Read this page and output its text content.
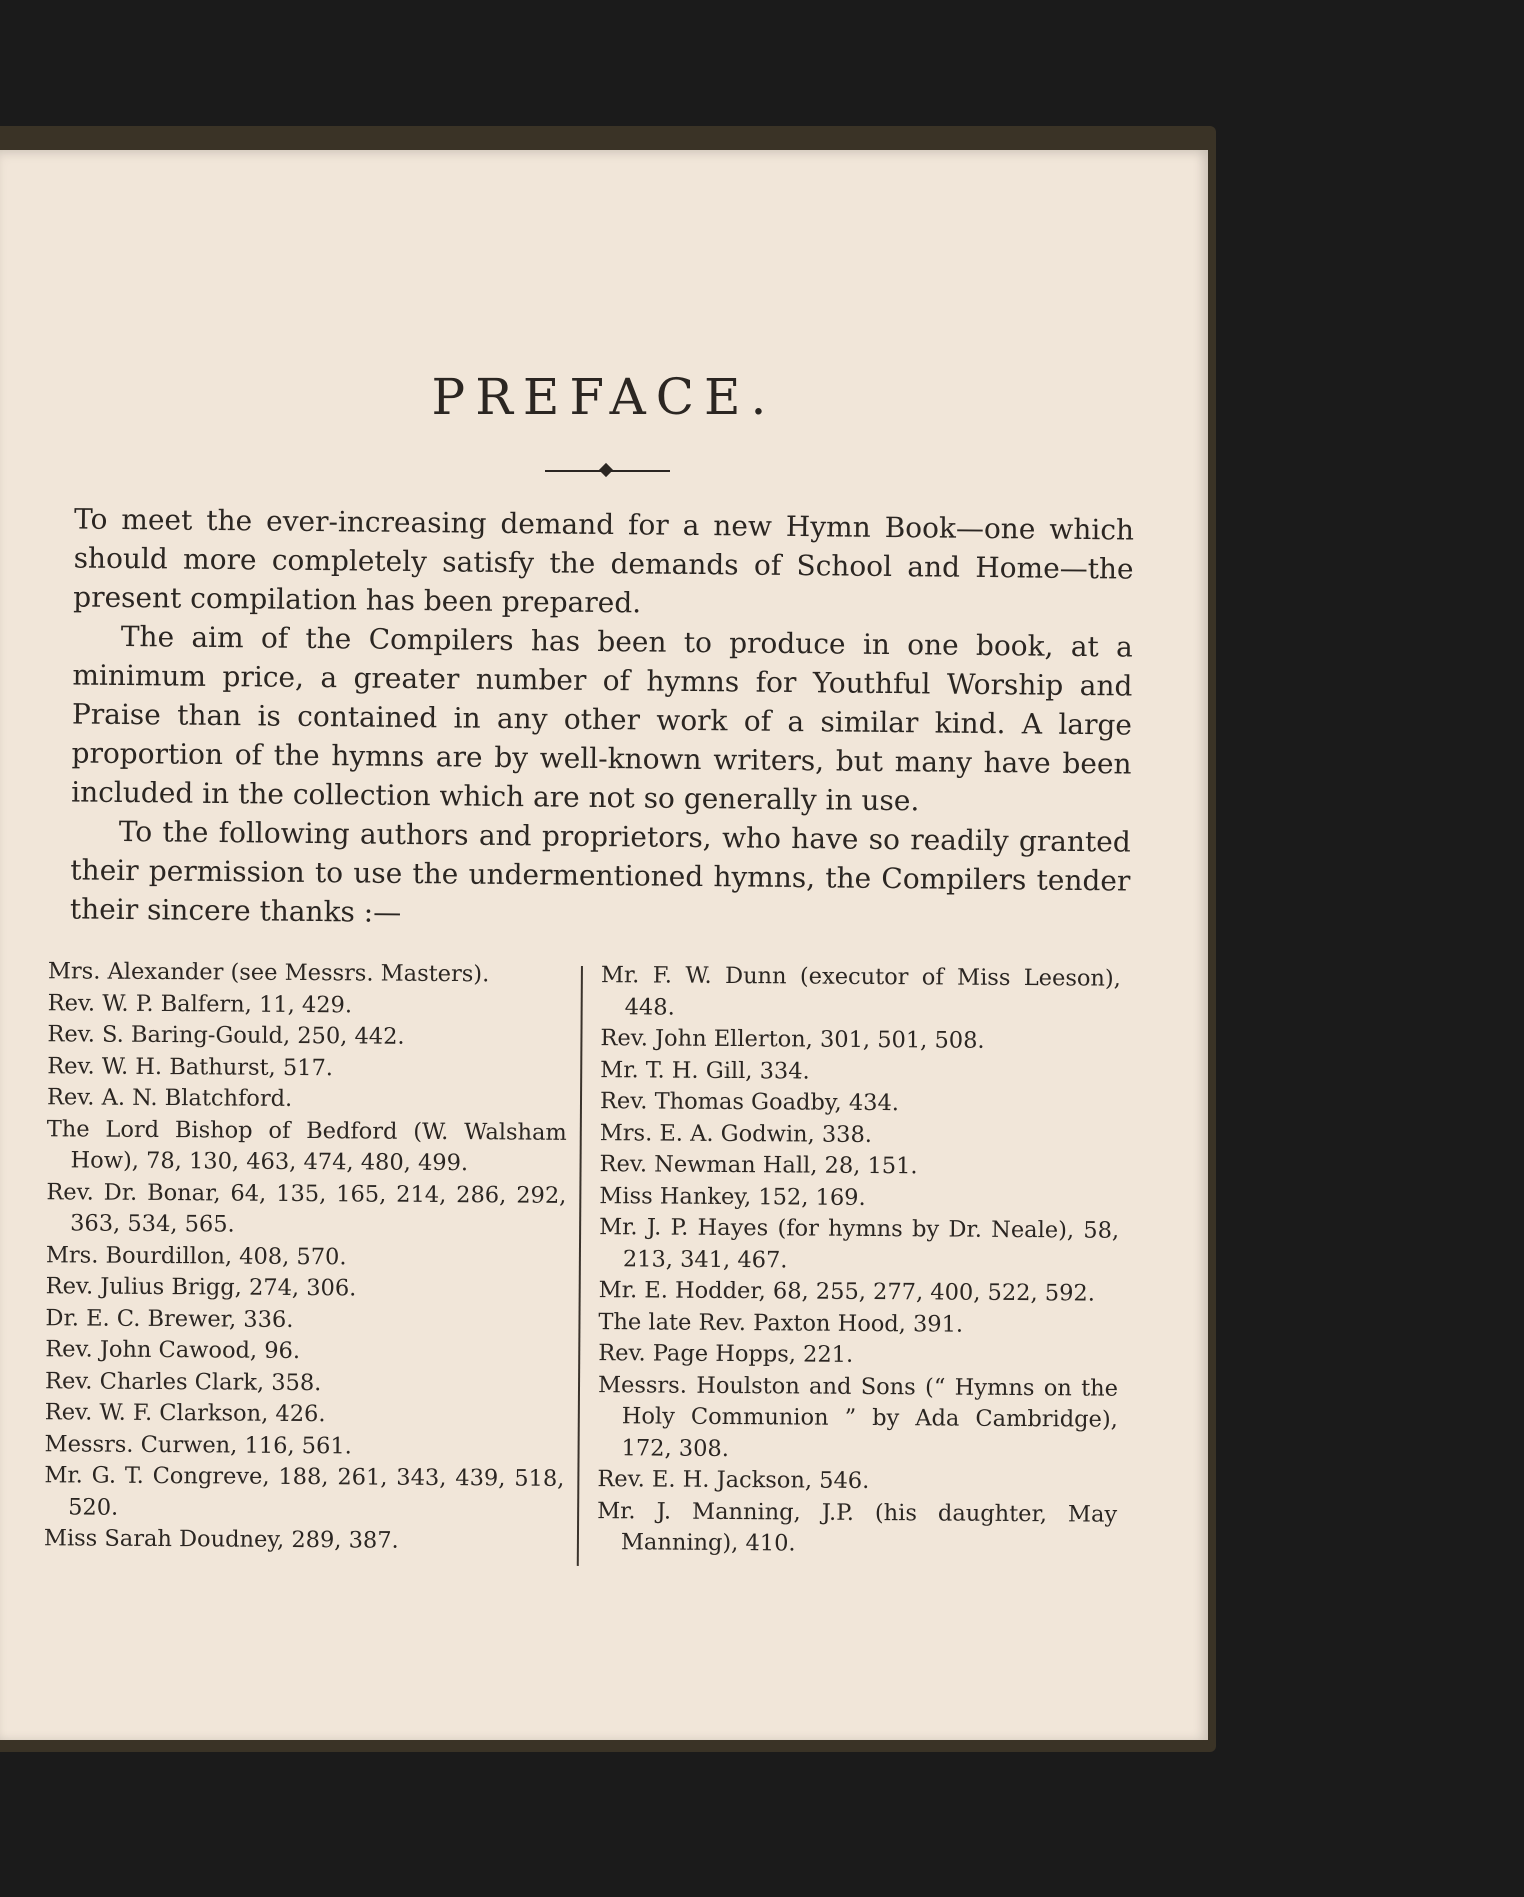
PREFACE.

To meet the ever-increasing demand for a new Hymn Book—one which should more completely satisfy the demands of School and Home—the present compilation has been prepared.

The aim of the Compilers has been to produce in one book, at a minimum price, a greater number of hymns for Youthful Worship and Praise than is contained in any other work of a similar kind. A large proportion of the hymns are by well-known writers, but many have been included in the collection which are not so generally in use.

To the following authors and proprietors, who have so readily granted their permission to use the undermentioned hymns, the Compilers tender their sincere thanks :—

Mrs. Alexander (see Messrs. Masters).
Rev. W. P. Balfern, 11, 429.
Rev. S. Baring-Gould, 250, 442.
Rev. W. H. Bathurst, 517.
Rev. A. N. Blatchford.
The Lord Bishop of Bedford (W. Walsham How), 78, 130, 463, 474, 480, 499.
Rev. Dr. Bonar, 64, 135, 165, 214, 286, 292, 363, 534, 565.
Mrs. Bourdillon, 408, 570.
Rev. Julius Brigg, 274, 306.
Dr. E. C. Brewer, 336.
Rev. John Cawood, 96.
Rev. Charles Clark, 358.
Rev. W. F. Clarkson, 426.
Messrs. Curwen, 116, 561.
Mr. G. T. Congreve, 188, 261, 343, 439, 518, 520.
Miss Sarah Doudney, 289, 387.
Mr. F. W. Dunn (executor of Miss Leeson), 448.
Rev. John Ellerton, 301, 501, 508.
Mr. T. H. Gill, 334.
Rev. Thomas Goadby, 434.
Mrs. E. A. Godwin, 338.
Rev. Newman Hall, 28, 151.
Miss Hankey, 152, 169.
Mr. J. P. Hayes (for hymns by Dr. Neale), 58, 213, 341, 467.
Mr. E. Hodder, 68, 255, 277, 400, 522, 592.
The late Rev. Paxton Hood, 391.
Rev. Page Hopps, 221.
Messrs. Houlston and Sons (“ Hymns on the Holy Communion ” by Ada Cambridge), 172, 308.
Rev. E. H. Jackson, 546.
Mr. J. Manning, J.P. (his daughter, May Manning), 410.
